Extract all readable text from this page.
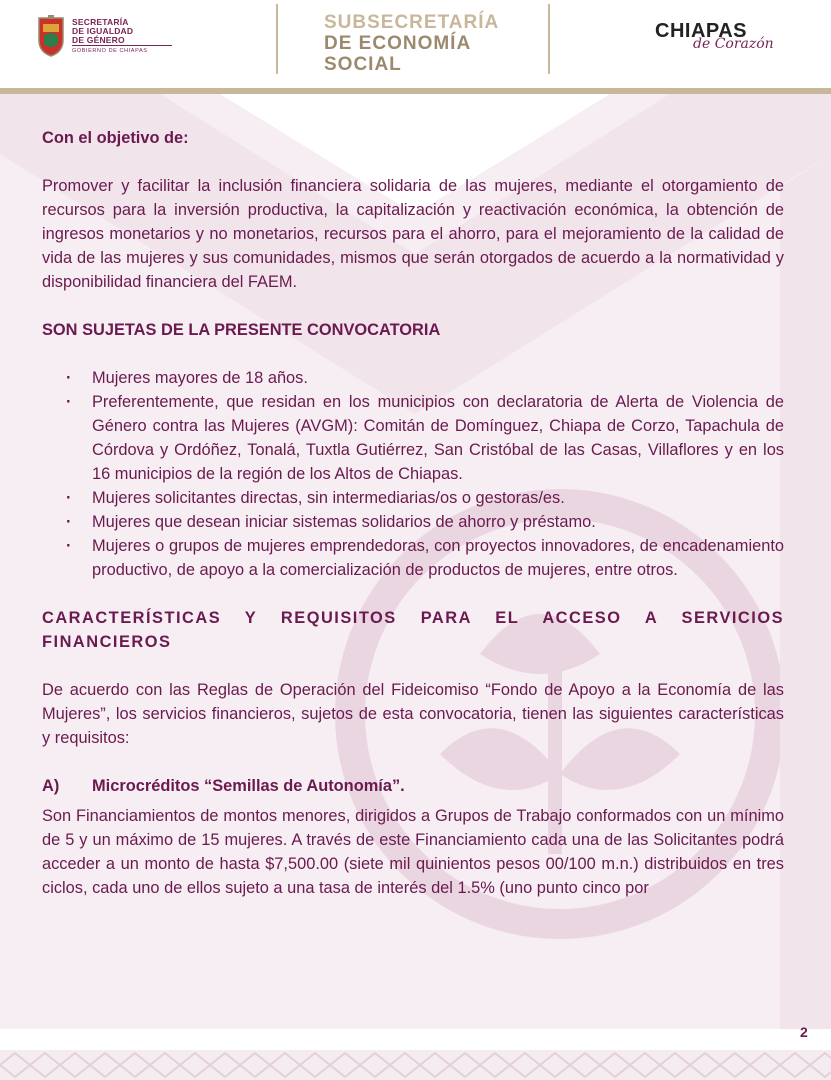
SECRETARÍA
DE IGUALDAD
DE GÉNERO
GOBIERNO DE CHIAPAS
SUBSECRETARÍA
DE ECONOMÍA
SOCIAL
CHIAPAS
de Corazón

Con el objetivo de:

Promover y facilitar la inclusión financiera solidaria de las mujeres, mediante el otorgamiento de recursos para la inversión productiva, la capitalización y reactivación económica, la obtención de ingresos monetarios y no monetarios, recursos para el ahorro, para el mejoramiento de la calidad de vida de las mujeres y sus comunidades, mismos que serán otorgados de acuerdo a la normatividad y disponibilidad financiera del FAEM.

SON SUJETAS DE LA PRESENTE CONVOCATORIA

· Mujeres mayores de 18 años.
· Preferentemente, que residan en los municipios con declaratoria de Alerta de Violencia de Género contra las Mujeres (AVGM): Comitán de Domínguez, Chiapa de Corzo, Tapachula de Córdova y Ordóñez, Tonalá, Tuxtla Gutiérrez, San Cristóbal de las Casas, Villaflores y en los 16 municipios de la región de los Altos de Chiapas.
· Mujeres solicitantes directas, sin intermediarias/os o gestoras/es.
· Mujeres que desean iniciar sistemas solidarios de ahorro y préstamo.
· Mujeres o grupos de mujeres emprendedoras, con proyectos innovadores, de encadenamiento productivo, de apoyo a la comercialización de productos de mujeres, entre otros.

CARACTERÍSTICAS Y REQUISITOS PARA EL ACCESO A SERVICIOS FINANCIEROS

De acuerdo con las Reglas de Operación del Fideicomiso “Fondo de Apoyo a la Economía de las Mujeres”, los servicios financieros, sujetos de esta convocatoria, tienen las siguientes características y requisitos:

A)	Microcréditos “Semillas de Autonomía”.

Son Financiamientos de montos menores, dirigidos a Grupos de Trabajo conformados con un mínimo de 5 y un máximo de 15 mujeres. A través de este Financiamiento cada una de las Solicitantes podrá acceder a un monto de hasta $7,500.00 (siete mil quinientos pesos 00/100 m.n.) distribuidos en tres ciclos, cada uno de ellos sujeto a una tasa de interés del 1.5% (uno punto cinco por

2
